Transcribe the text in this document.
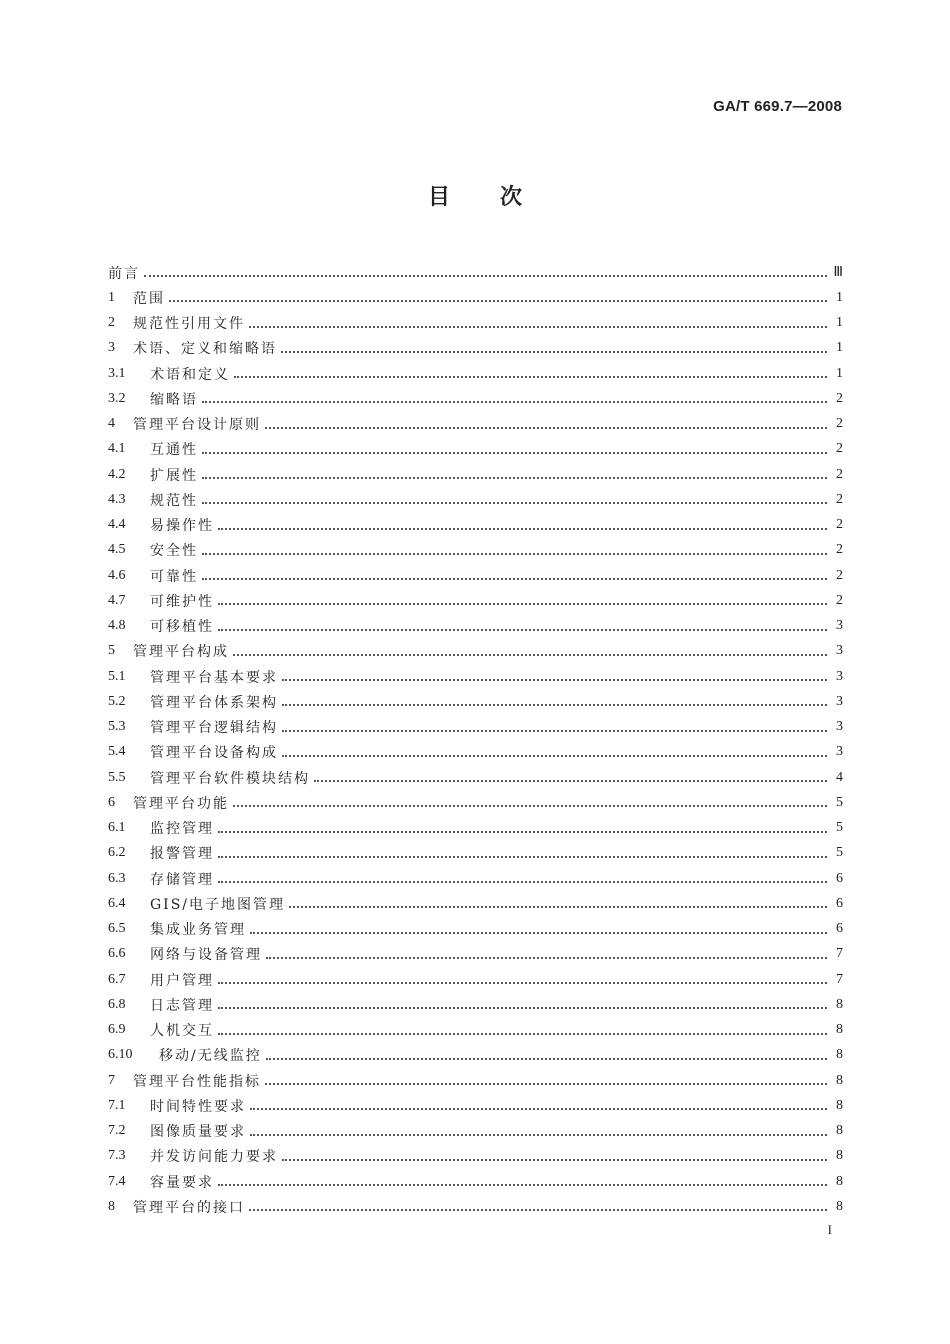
GA/T 669.7—2008
目 次
前言	Ⅲ
1	范围	1
2	规范性引用文件	1
3	术语、定义和缩略语	1
3.1	术语和定义	1
3.2	缩略语	2
4	管理平台设计原则	2
4.1	互通性	2
4.2	扩展性	2
4.3	规范性	2
4.4	易操作性	2
4.5	安全性	2
4.6	可靠性	2
4.7	可维护性	2
4.8	可移植性	3
5	管理平台构成	3
5.1	管理平台基本要求	3
5.2	管理平台体系架构	3
5.3	管理平台逻辑结构	3
5.4	管理平台设备构成	3
5.5	管理平台软件模块结构	4
6	管理平台功能	5
6.1	监控管理	5
6.2	报警管理	5
6.3	存储管理	6
6.4	GIS/电子地图管理	6
6.5	集成业务管理	6
6.6	网络与设备管理	7
6.7	用户管理	7
6.8	日志管理	8
6.9	人机交互	8
6.10	移动/无线监控	8
7	管理平台性能指标	8
7.1	时间特性要求	8
7.2	图像质量要求	8
7.3	并发访问能力要求	8
7.4	容量要求	8
8	管理平台的接口	8
I
